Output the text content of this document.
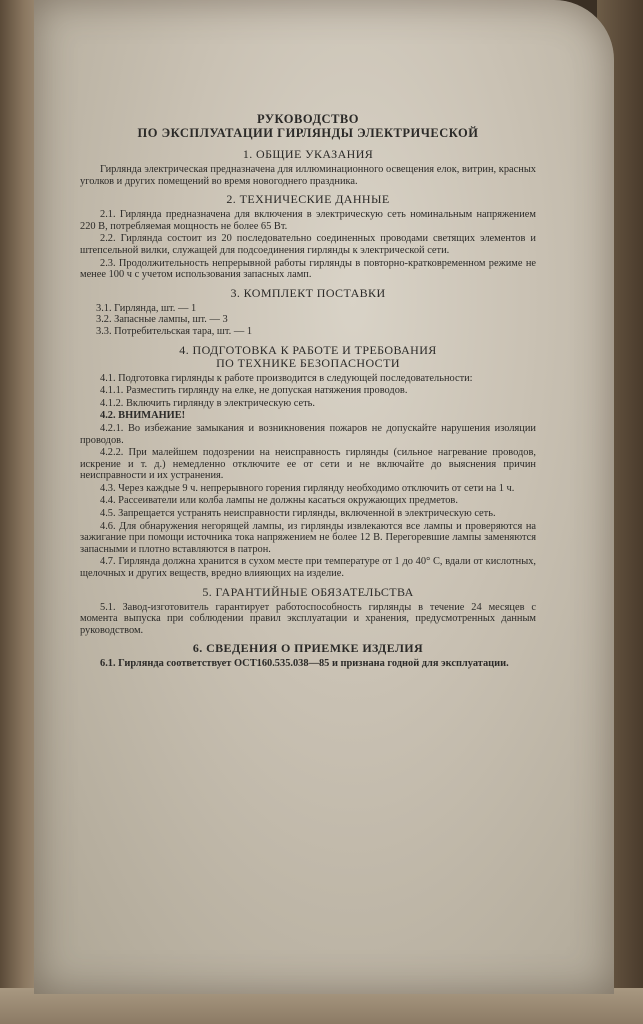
РУКОВОДСТВО
ПО ЭКСПЛУАТАЦИИ ГИРЛЯНДЫ ЭЛЕКТРИЧЕСКОЙ
1. ОБЩИЕ УКАЗАНИЯ

Гирлянда электрическая предназначена для иллюминационного освещения елок, витрин, красных уголков и других помещений во время новогоднего праздника.

2. ТЕХНИЧЕСКИЕ ДАННЫЕ

2.1. Гирлянда предназначена для включения в электрическую сеть номинальным напряжением 220 В, потребляемая мощность не более 65 Вт.

2.2. Гирлянда состоит из 20 последовательно соединенных проводами светящих элементов и штепсельной вилки, служащей для подсоединения гирлянды к электрической сети.

2.3. Продолжительность непрерывной работы гирлянды в повторно-кратковременном режиме не менее 100 ч с учетом использования запасных ламп.

3. КОМПЛЕКТ ПОСТАВКИ

3.1. Гирлянда, шт. — 1

3.2. Запасные лампы, шт. — 3

3.3. Потребительская тара, шт. — 1

4. ПОДГОТОВКА К РАБОТЕ И ТРЕБОВАНИЯ
ПО ТЕХНИКЕ БЕЗОПАСНОСТИ

4.1. Подготовка гирлянды к работе производится в следующей последовательности:

4.1.1. Разместить гирлянду на елке, не допуская натяжения проводов.

4.1.2. Включить гирлянду в электрическую сеть.

4.2. ВНИМАНИЕ!

4.2.1. Во избежание замыкания и возникновения пожаров не допускайте нарушения изоляции проводов.

4.2.2. При малейшем подозрении на неисправность гирлянды (сильное нагревание проводов, искрение и т. д.) немедленно отключите ее от сети и не включайте до выяснения причин неисправности и их устранения.

4.3. Через каждые 9 ч. непрерывного горения гирлянду необходимо отключить от сети на 1 ч.

4.4. Рассеиватели или колба лампы не должны касаться окружающих предметов.

4.5. Запрещается устранять неисправности гирлянды, включенной в электрическую сеть.

4.6. Для обнаружения негорящей лампы, из гирлянды извлекаются все лампы и проверяются на зажигание при помощи источника тока напряжением не более 12 В. Перегоревшие лампы заменяются запасными и плотно вставляются в патрон.

4.7. Гирлянда должна хранится в сухом месте при температуре от 1 до 40° С, вдали от кислотных, щелочных и других веществ, вредно влияющих на изделие.

5. ГАРАНТИЙНЫЕ ОБЯЗАТЕЛЬСТВА

5.1. Завод-изготовитель гарантирует работоспособность гирлянды в течение 24 месяцев с момента выпуска при соблюдении правил эксплуатации и хранения, предусмотренных данным руководством.

6. СВЕДЕНИЯ О ПРИЕМКЕ ИЗДЕЛИЯ

6.1. Гирлянда соответствует ОСТ160.535.038—85 и признана годной для эксплуатации.
